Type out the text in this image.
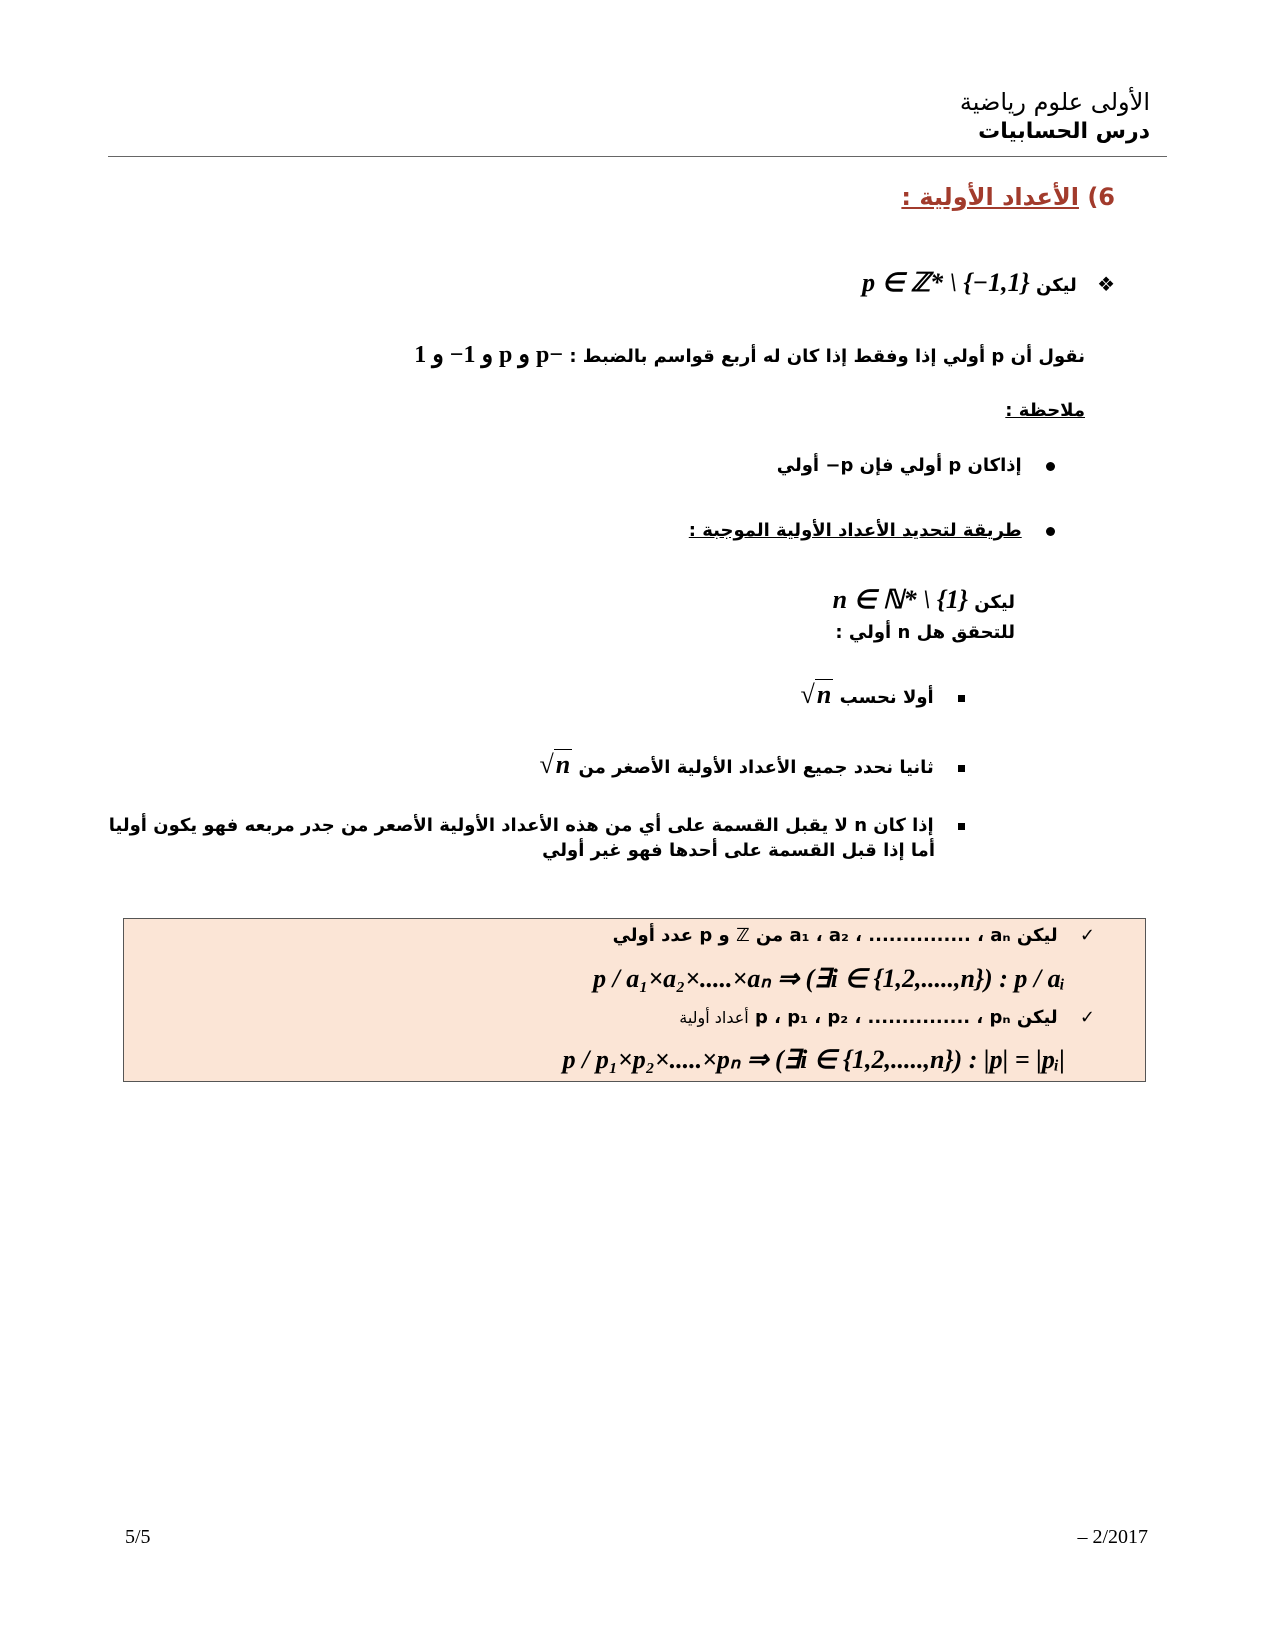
الأولى علوم رياضية
درس الحسابيات
6) الأعداد الأولية :
❖ ليكن p ∈ ℤ* \ {−1,1}
نقول أن p أولي إذا وفقط إذا كان له أربع قواسم بالضبط : 1 و 1− و p و p−
ملاحظة :
إذاكان p أولي فإن p− أولي
طريقة لتحديد الأعداد الأولية الموجبة :
ليكن n ∈ ℕ* \ {1}
للتحقق هل n أولي :
أولا نحسب √n
ثانيا نحدد جميع الأعداد الأولية الأصغر من √n
إذا كان n لا يقبل القسمة على أي من هذه الأعداد الأولية الأصعر من جدر مربعه فهو يكون أوليا
أما إذا قبل القسمة على أحدها فهو غير أولي
✓ ليكن a₁ ، a₂ ، ............... ، aₙ من ℤ و p عدد أولي
p / a₁×a₂×.....×aₙ ⇒ (∃i ∈ {1,2,.....,n}) : p / aᵢ
✓ ليكن p ، p₁ ، p₂ ، ............... ، pₙ أعداد أولية
p / p₁×p₂×.....×pₙ ⇒ (∃i ∈ {1,2,.....,n}) : |p| = |pᵢ|
5/5	– 2/2017
